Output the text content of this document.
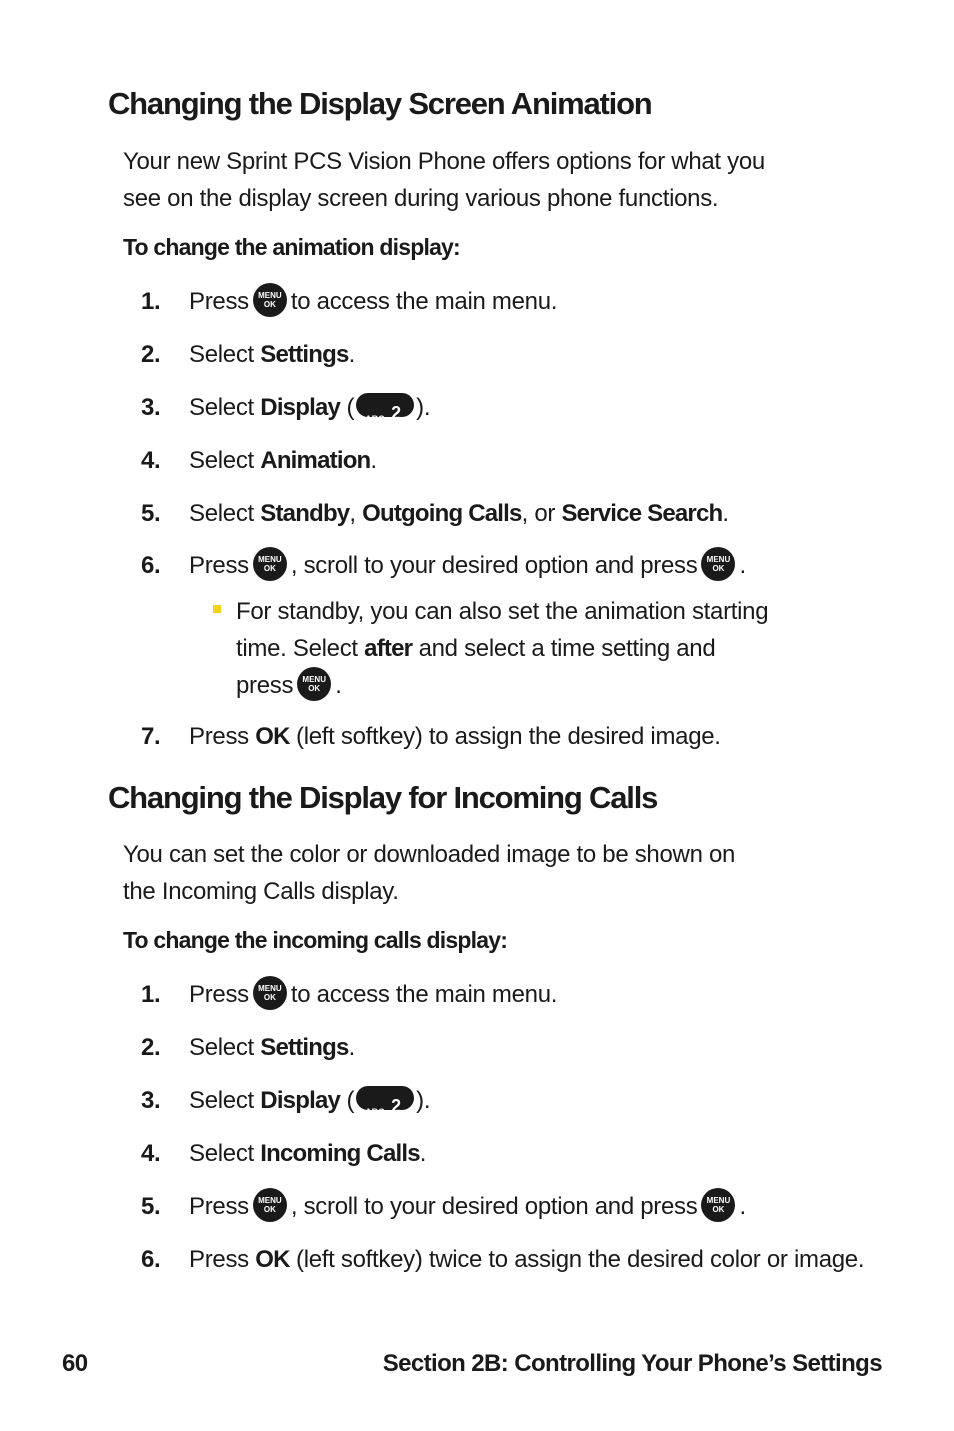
Changing the Display Screen Animation

Your new Sprint PCS Vision Phone offers options for what you
see on the display screen during various phone functions.

To change the animation display:

1. Press	MENU
OK to access the main menu.
2. Select Settings.
3. Select Display ( ABC 2 ).
4. Select Animation.
5. Select Standby, Outgoing Calls, or Service Search.
6. Press	MENU
OK , scroll to your desired option and press	MENU
OK .
For standby, you can also set the animation starting
time. Select after and select a time setting and
press	MENU
OK .
7. Press OK (left softkey) to assign the desired image.
Changing the Display for Incoming Calls

You can set the color or downloaded image to be shown on
the Incoming Calls display.

To change the incoming calls display:

1. Press	MENU
OK to access the main menu.
2. Select Settings.
3. Select Display ( ABC 2 ).
4. Select Incoming Calls.
5. Press	MENU
OK , scroll to your desired option and press	MENU
OK .
6. Press OK (left softkey) twice to assign the desired color or image.
60	Section 2B: Controlling Your Phone’s Settings
